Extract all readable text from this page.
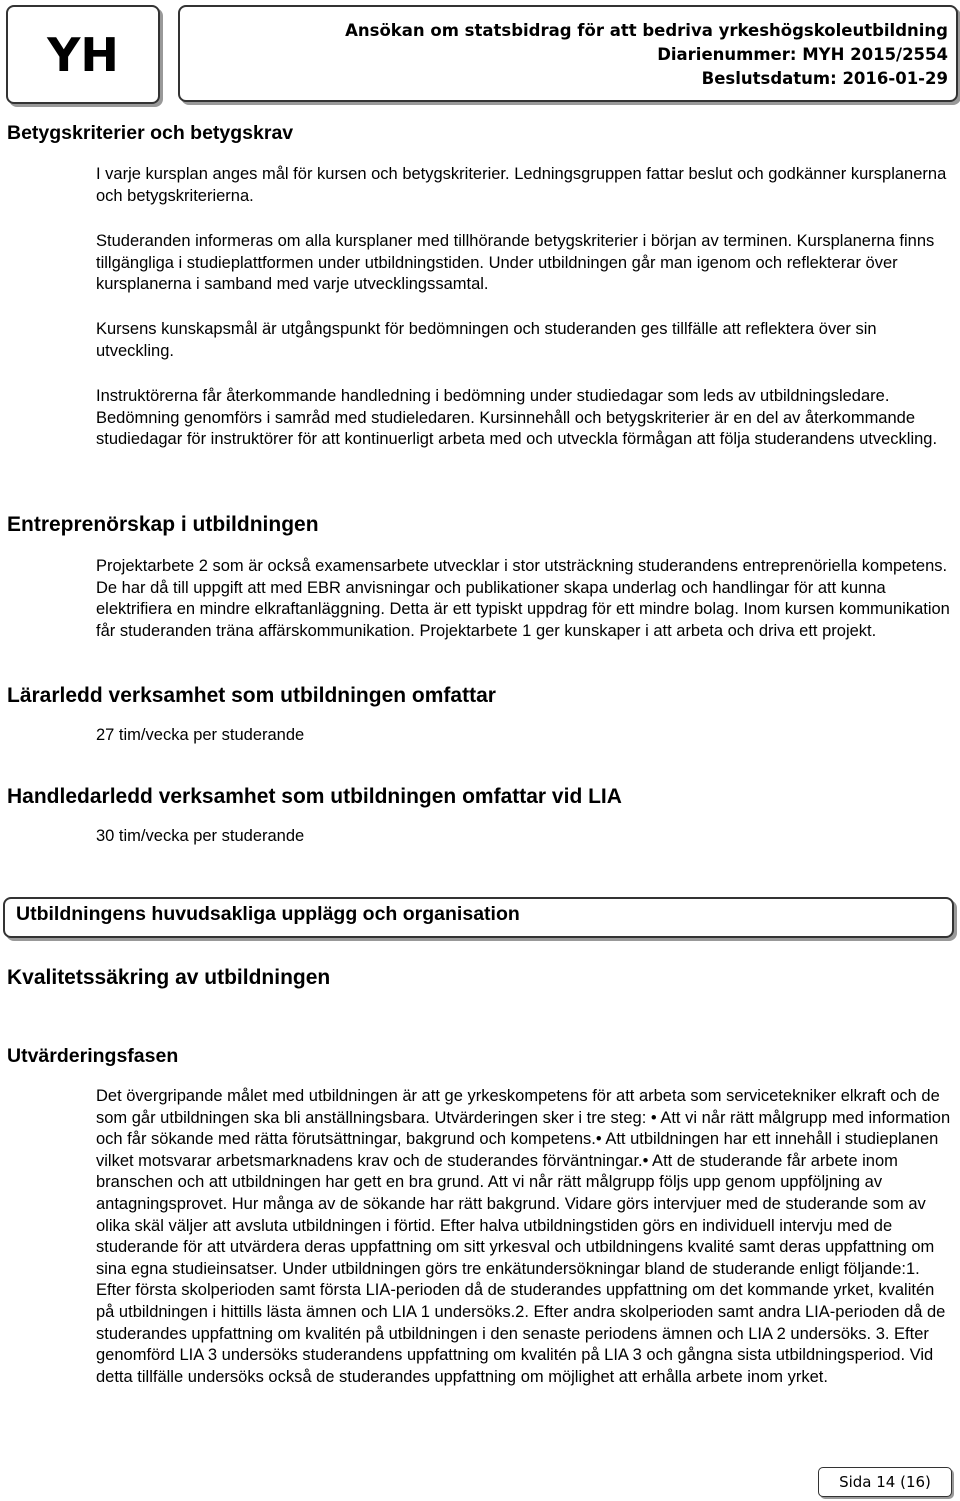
YH	Ansökan om statsbidrag för att bedriva yrkeshögskoleutbildning
Diarienummer: MYH 2015/2554
Beslutsdatum: 2016-01-29
Betygskriterier och betygskrav

I varje kursplan anges mål för kursen och betygskriterier. Ledningsgruppen fattar beslut och godkänner kursplanerna och betygskriterierna.

Studeranden informeras om alla kursplaner med tillhörande betygskriterier i början av terminen. Kursplanerna finns tillgängliga i studieplattformen under utbildningstiden. Under utbildningen går man igenom och reflekterar över kursplanerna i samband med varje utvecklingssamtal.

Kursens kunskapsmål är utgångspunkt för bedömningen och studeranden ges tillfälle att reflektera över sin utveckling.

Instruktörerna får återkommande handledning i bedömning under studiedagar som leds av utbildningsledare. Bedömning genomförs i samråd med studieledaren. Kursinnehåll och betygskriterier är en del av återkommande studiedagar för instruktörer för att kontinuerligt arbeta med och utveckla förmågan att följa studerandens utveckling.

Entreprenörskap i utbildningen

Projektarbete 2 som är också examensarbete utvecklar i stor utsträckning studerandens entreprenöriella kompetens. De har då till uppgift att med EBR anvisningar och publikationer skapa underlag och handlingar för att kunna elektrifiera en mindre elkraftanläggning. Detta är ett typiskt uppdrag för ett mindre bolag. Inom kursen kommunikation får studeranden träna affärskommunikation. Projektarbete 1 ger kunskaper i att arbeta och driva ett projekt.

Lärarledd verksamhet som utbildningen omfattar

27 tim/vecka per studerande

Handledarledd verksamhet som utbildningen omfattar vid LIA

30 tim/vecka per studerande

Utbildningens huvudsakliga upplägg och organisation
Kvalitetssäkring av utbildningen
Utvärderingsfasen

Det övergripande målet med utbildningen är att ge yrkeskompetens för att arbeta som servicetekniker elkraft och de som går utbildningen ska bli anställningsbara. Utvärderingen sker i tre steg: • Att vi når rätt målgrupp med information och får sökande med rätta förutsättningar, bakgrund och kompetens.• Att utbildningen har ett innehåll i studieplanen vilket motsvarar arbetsmarknadens krav och de studerandes förväntningar.• Att de studerande får arbete inom branschen och att utbildningen har gett en bra grund. Att vi når rätt målgrupp följs upp genom uppföljning av antagningsprovet. Hur många av de sökande har rätt bakgrund. Vidare görs intervjuer med de studerande som av olika skäl väljer att avsluta utbildningen i förtid. Efter halva utbildningstiden görs en individuell intervju med de studerande för att utvärdera deras uppfattning om sitt yrkesval och utbildningens kvalité samt deras uppfattning om sina egna studieinsatser. Under utbildningen görs tre enkätundersökningar bland de studerande enligt följande:1. Efter första skolperioden samt första LIA-perioden då de studerandes uppfattning om det kommande yrket, kvalitén på utbildningen i hittills lästa ämnen och LIA 1 undersöks.2. Efter andra skolperioden samt andra LIA-perioden då de studerandes uppfattning om kvalitén på utbildningen i den senaste periodens ämnen och LIA 2 undersöks. 3. Efter genomförd LIA 3 undersöks studerandens uppfattning om kvalitén på LIA 3 och gångna sista utbildningsperiod. Vid detta tillfälle undersöks också de studerandes uppfattning om möjlighet att erhålla arbete inom yrket.

Sida 14 (16)
